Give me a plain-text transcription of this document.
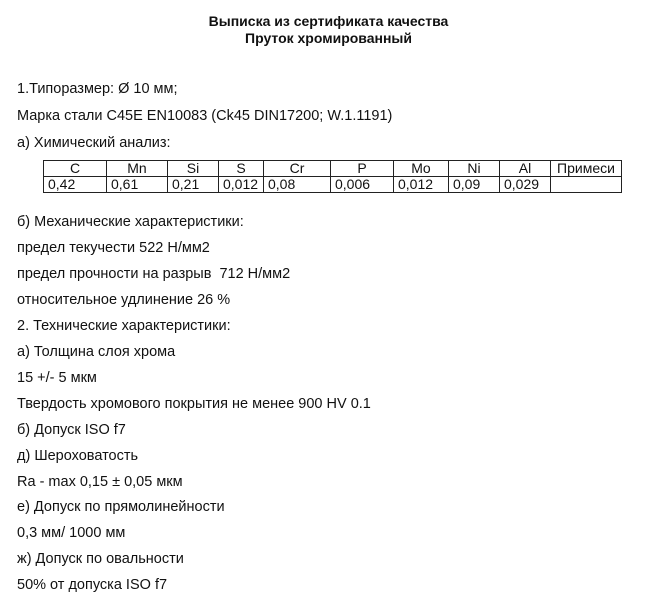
Выписка из сертификата качества
Пруток хромированный
1.Типоразмер: Ø 10 мм;
Марка стали C45E EN10083 (Ck45 DIN17200; W.1.1191)
а) Химический анализ:
C	Mn	Si	S	Cr	P	Mo	Ni	Al	Примеси
0,42	0,61	0,21	0,012	0,08	0,006	0,012	0,09	0,029	
б) Механические характеристики:
предел текучести 522 Н/мм2
предел прочности на разрыв  712 Н/мм2
относительное удлинение 26 %
2. Технические характеристики:
а) Толщина слоя хрома
15 +/- 5 мкм
Твердость хромового покрытия не менее 900 HV 0.1
б) Допуск ISO f7
д) Шероховатость
Ra - max 0,15 ± 0,05 мкм
е) Допуск по прямолинейности
0,3 мм/ 1000 мм
ж) Допуск по овальности
50% от допуска ISO f7
